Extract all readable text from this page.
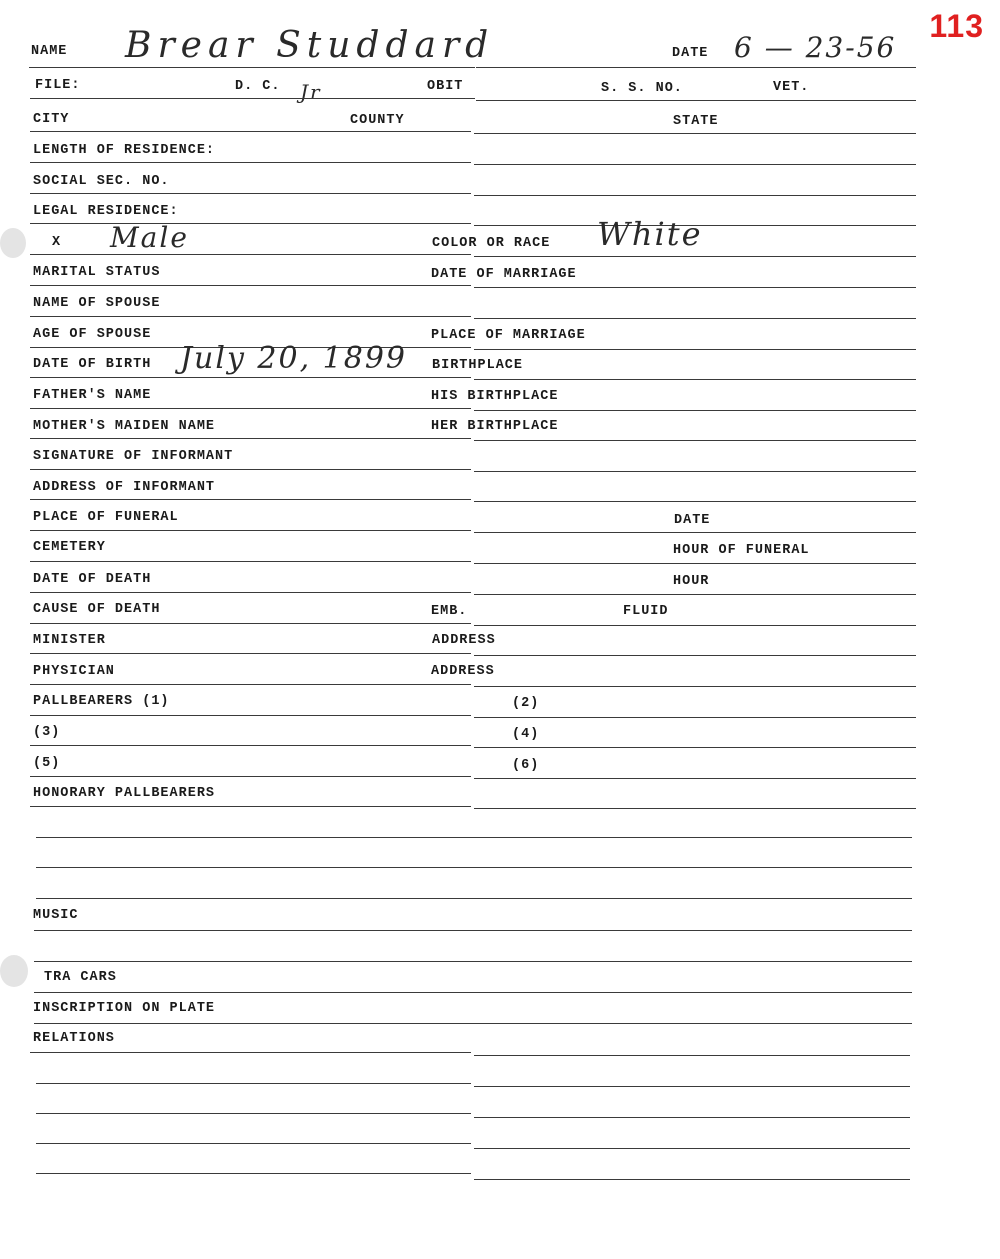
113
NAME Brear Studdard	DATE 6 — 23-56
FILE:	D. C. Jr	OBIT	S. S. NO.	VET.
CITY	COUNTY	STATE
LENGTH OF RESIDENCE:
SOCIAL SEC. NO.
LEGAL RESIDENCE:
X Male	COLOR OR RACE White
MARITAL STATUS	DATE OF MARRIAGE
NAME OF SPOUSE
AGE OF SPOUSE	PLACE OF MARRIAGE
DATE OF BIRTH July 20, 1899 BIRTHPLACE
FATHER'S NAME	HIS BIRTHPLACE
MOTHER'S MAIDEN NAME	HER BIRTHPLACE
SIGNATURE OF INFORMANT
ADDRESS OF INFORMANT
PLACE OF FUNERAL	DATE
CEMETERY	HOUR OF FUNERAL
DATE OF DEATH	HOUR
CAUSE OF DEATH	EMB.	FLUID
MINISTER	ADDRESS
PHYSICIAN	ADDRESS
PALLBEARERS (1)	(2)
(3)	(4)
(5)	(6)
HONORARY PALLBEARERS
MUSIC
TRA CARS
INSCRIPTION ON PLATE
RELATIONS
